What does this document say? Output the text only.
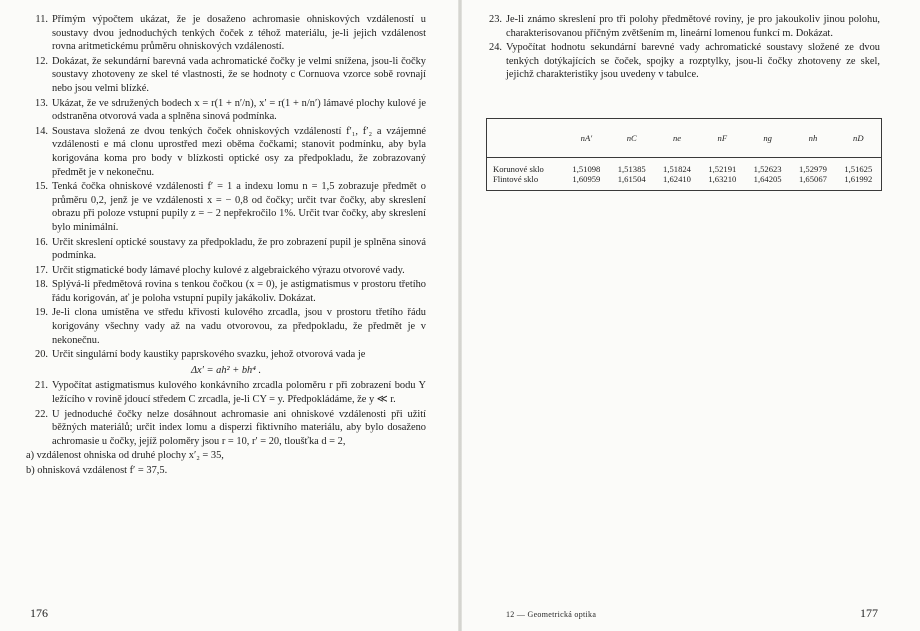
11. Přímým výpočtem ukázat, že je dosaženo achromasie ohniskových vzdáleností u soustavy dvou jednoduchých tenkých čoček z téhož materiálu, je-li jejich vzdálenost rovna aritmetickému průměru ohniskových vzdáleností.
12. Dokázat, že sekundární barevná vada achromatické čočky je velmi snížena, jsou-li čočky soustavy zhotoveny ze skel té vlastnosti, že se hodnoty c Cornuova vzorce sobě rovnají nebo jsou velmi blízké.
13. Ukázat, že ve sdružených bodech x = r(1 + n′/n), x′ = r(1 + n/n′) lámavé plochy kulové je odstraněna otvorová vada a splněna sinová podmínka.
14. Soustava složená ze dvou tenkých čoček ohniskových vzdáleností f′₁, f′₂ a vzájemné vzdálenosti e má clonu uprostřed mezi oběma čočkami; stanovit podmínku, aby byla korigována koma pro body v blízkosti optické osy za předpokladu, že zobrazovaný předmět je v nekonečnu.
15. Tenká čočka ohniskové vzdálenosti f′ = 1 a indexu lomu n = 1,5 zobrazuje předmět o průměru 0,2, jenž je ve vzdálenosti x = − 0,8 od čočky; určit tvar čočky, aby skreslení obrazu při poloze vstupní pupily z = − 2 nepřekročilo 1%. Určit tvar čočky, aby skreslení bylo minimální.
16. Určit skreslení optické soustavy za předpokladu, že pro zobrazení pupil je splněna sinová podmínka.
17. Určit stigmatické body lámavé plochy kulové z algebraického výrazu otvorové vady.
18. Splývá-li předmětová rovina s tenkou čočkou (x = 0), je astigmatismus v prostoru třetího řádu korigován, ať je poloha vstupní pupily jakákoliv. Dokázat.
19. Je-li clona umístěna ve středu křivosti kulového zrcadla, jsou v prostoru třetího řádu korigovány všechny vady až na vadu otvorovou, za předpokladu, že předmět je v nekonečnu.
20. Určit singulární body kaustiky paprskového svazku, jehož otvorová vada je
Δx′ = ah² + bh⁴ .
21. Vypočítat astigmatismus kulového konkávního zrcadla poloměru r při zobrazení bodu Y ležícího v rovině jdoucí středem C zrcadla, je-li CY = y. Předpokládáme, že y ≪ r.
22. U jednoduché čočky nelze dosáhnout achromasie ani ohniskové vzdálenosti při užití běžných materiálů; určit index lomu a disperzi fiktivního materiálu, aby bylo dosaženo achromasie u čočky, jejíž poloměry jsou r = 10, r′ = 20, tloušťka d = 2,
a) vzdálenost ohniska od druhé plochy x′₂ = 35,
b) ohnisková vzdálenost f′ = 37,5.
176
23. Je-li známo skreslení pro tři polohy předmětové roviny, je pro jakoukoliv jinou polohu, charakterisovanou příčným zvětšením m, lineární lomenou funkcí m. Dokázat.
24. Vypočítat hodnotu sekundární barevné vady achromatické soustavy složené ze dvou tenkých dotýkajících se čoček, spojky a rozptylky, jsou-li čočky zhotoveny ze skel, jejichž charakteristiky jsou uvedeny v tabulce.
	nA′	nC	ne	nF	ng	nh	nD
Korunové sklo	1,51098	1,51385	1,51824	1,52191	1,52623	1,52979	1,51625
Flintové sklo	1,60959	1,61504	1,62410	1,63210	1,64205	1,65067	1,61992
12 — Geometrická optika	177
